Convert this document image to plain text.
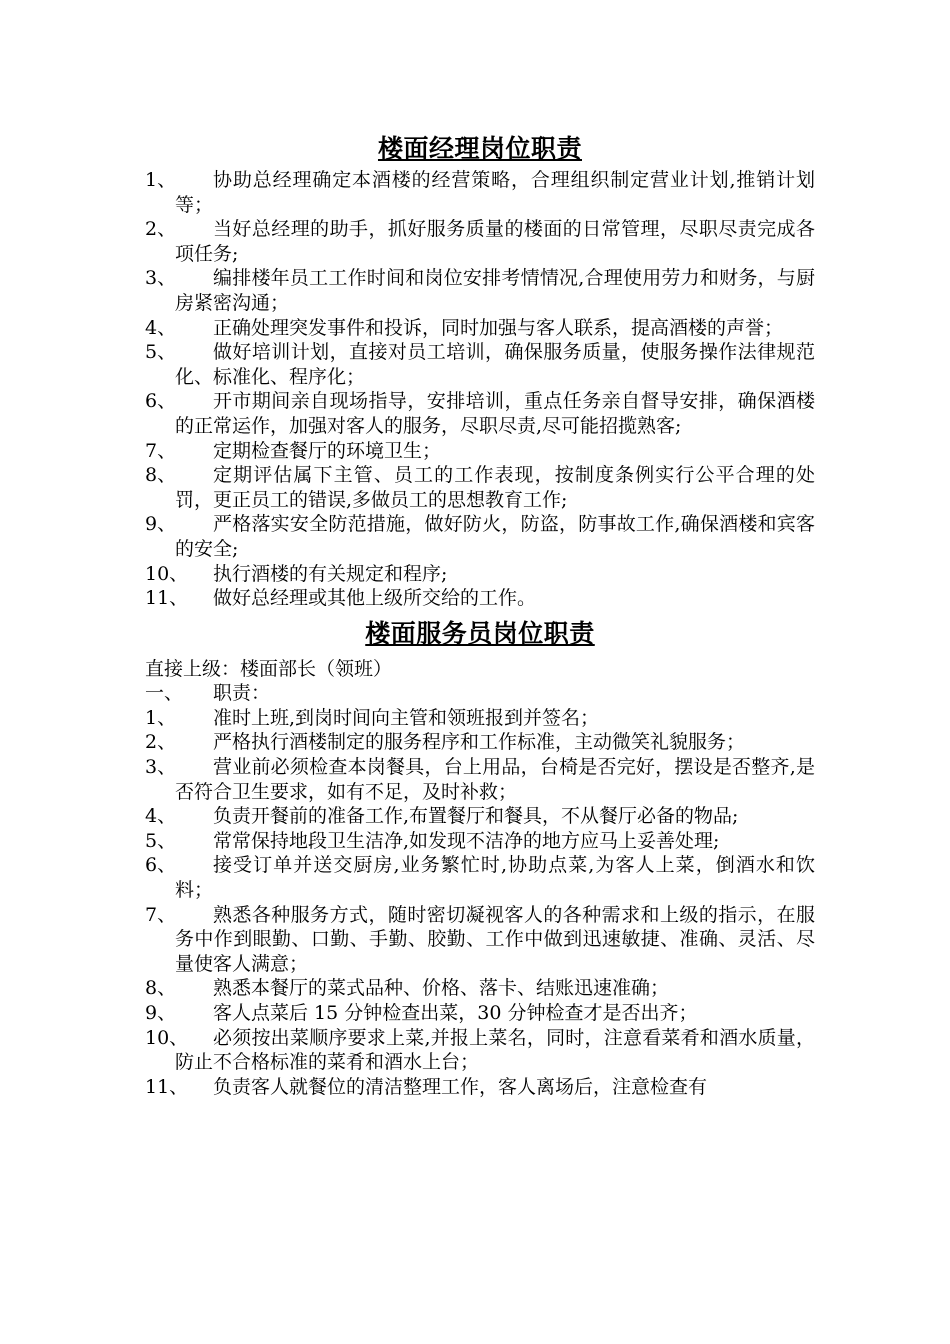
楼面经理岗位职责
1、	协助总经理确定本酒楼的经营策略，合理组织制定营业计划,推销计划等；
2、	当好总经理的助手，抓好服务质量的楼面的日常管理，尽职尽责完成各项任务;
3、	编排楼年员工工作时间和岗位安排考情情况,合理使用劳力和财务，与厨房紧密沟通；
4、	正确处理突发事件和投诉，同时加强与客人联系，提高酒楼的声誉；
5、	做好培训计划，直接对员工培训，确保服务质量，使服务操作法律规范化、标准化、程序化；
6、	开市期间亲自现场指导，安排培训，重点任务亲自督导安排，确保酒楼的正常运作，加强对客人的服务，尽职尽责,尽可能招揽熟客;
7、	定期检查餐厅的环境卫生；
8、	定期评估属下主管、员工的工作表现，按制度条例实行公平合理的处罚，更正员工的错误,多做员工的思想教育工作;
9、	严格落实安全防范措施，做好防火，防盗，防事故工作,确保酒楼和宾客的安全;
10、	执行酒楼的有关规定和程序;
11、	做好总经理或其他上级所交给的工作。
楼面服务员岗位职责
直接上级：楼面部长（领班）
一、	职责：
1、	准时上班,到岗时间向主管和领班报到并签名；
2、	严格执行酒楼制定的服务程序和工作标准，主动微笑礼貌服务；
3、	营业前必须检查本岗餐具，台上用品，台椅是否完好，摆设是否整齐,是否符合卫生要求，如有不足，及时补救；
4、	负责开餐前的准备工作,布置餐厅和餐具，不从餐厅必备的物品;
5、	常常保持地段卫生洁净,如发现不洁净的地方应马上妥善处理;
6、	接受订单并送交厨房,业务繁忙时,协助点菜,为客人上菜，倒酒水和饮料；
7、	熟悉各种服务方式，随时密切凝视客人的各种需求和上级的指示，在服务中作到眼勤、口勤、手勤、胶勤、工作中做到迅速敏捷、准确、灵活、尽量使客人满意；
8、	熟悉本餐厅的菜式品种、价格、落卡、结账迅速准确；
9、	客人点菜后 15 分钟检查出菜，30 分钟检查才是否出齐；
10、	必须按出菜顺序要求上菜,并报上菜名，同时，注意看菜肴和酒水质量，防止不合格标准的菜肴和酒水上台；
11、	负责客人就餐位的清洁整理工作，客人离场后，注意检查有
